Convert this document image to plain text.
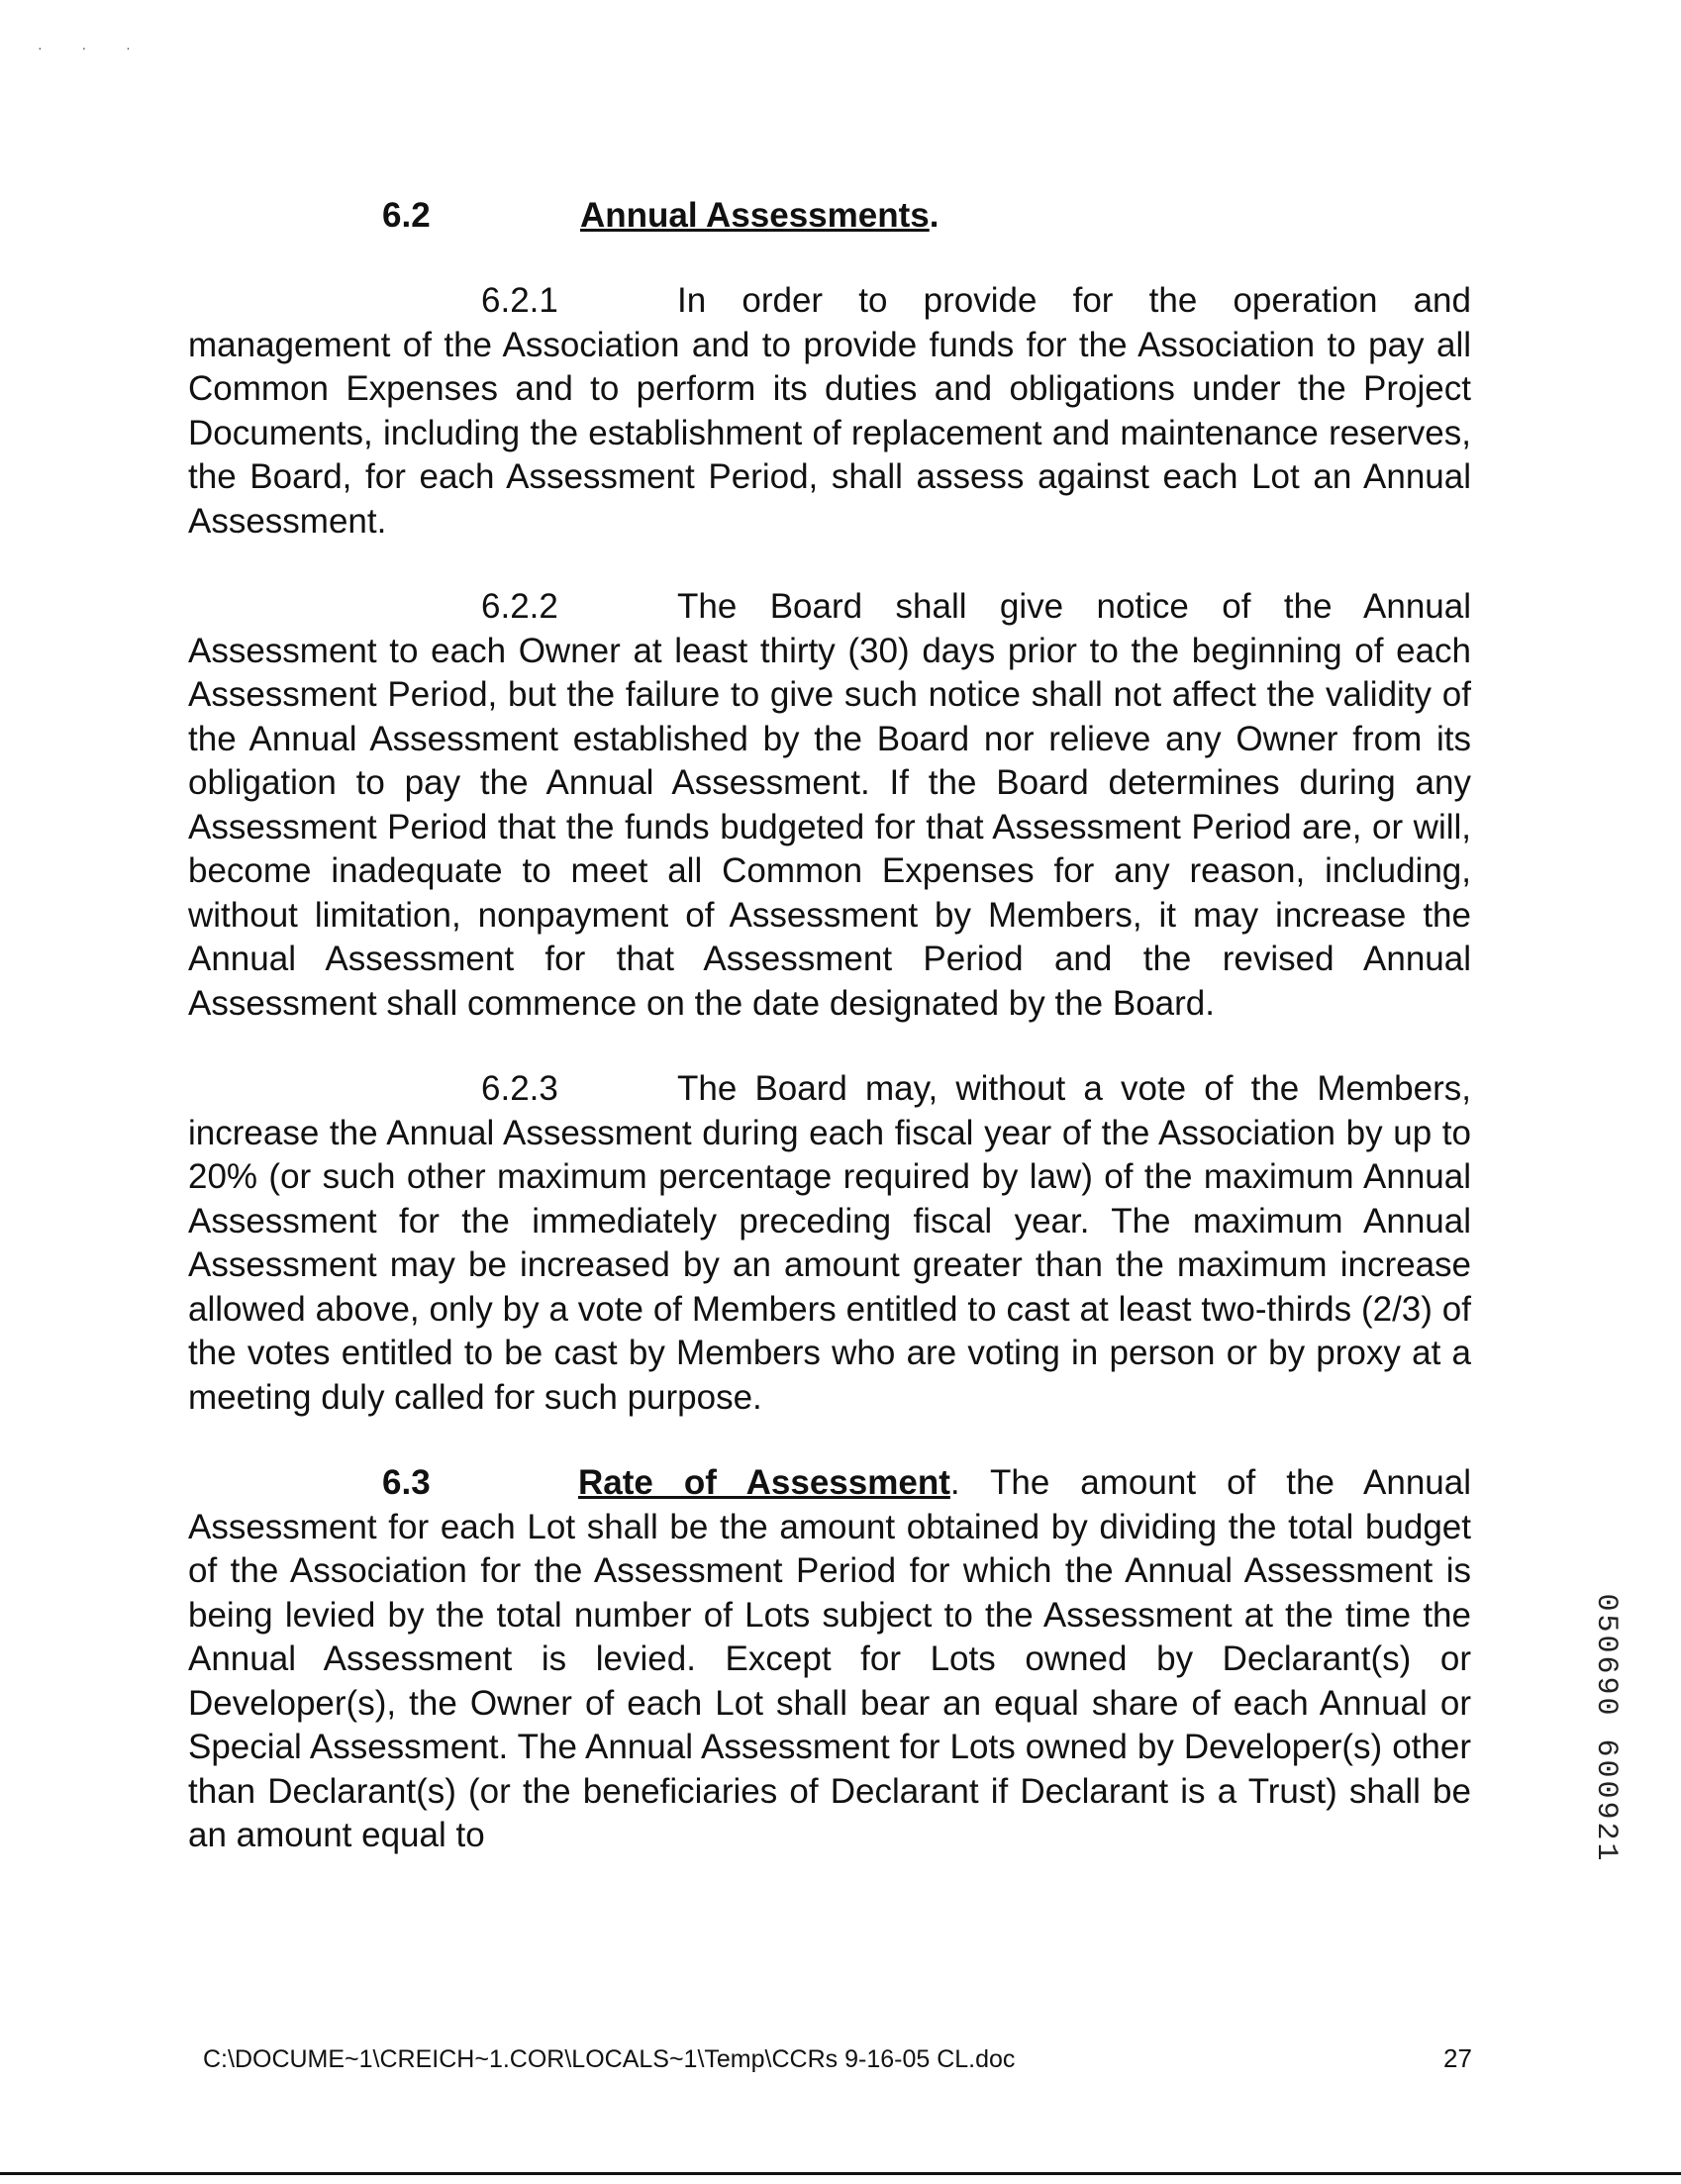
· · ·
6.2	Annual Assessments.

6.2.1	In order to provide for the operation and management of the Association and to provide funds for the Association to pay all Common Expenses and to perform its duties and obligations under the Project Documents, including the establishment of replacement and maintenance reserves, the Board, for each Assessment Period, shall assess against each Lot an Annual Assessment.

6.2.2	The Board shall give notice of the Annual Assessment to each Owner at least thirty (30) days prior to the beginning of each Assessment Period, but the failure to give such notice shall not affect the validity of the Annual Assessment established by the Board nor relieve any Owner from its obligation to pay the Annual Assessment. If the Board determines during any Assessment Period that the funds budgeted for that Assessment Period are, or will, become inadequate to meet all Common Expenses for any reason, including, without limitation, nonpayment of Assessment by Members, it may increase the Annual Assessment for that Assessment Period and the revised Annual Assessment shall commence on the date designated by the Board.

6.2.3	The Board may, without a vote of the Members, increase the Annual Assessment during each fiscal year of the Association by up to 20% (or such other maximum percentage required by law) of the maximum Annual Assessment for the immediately preceding fiscal year. The maximum Annual Assessment may be increased by an amount greater than the maximum increase allowed above, only by a vote of Members entitled to cast at least two-thirds (2/3) of the votes entitled to be cast by Members who are voting in person or by proxy at a meeting duly called for such purpose.

6.3	Rate of Assessment. The amount of the Annual Assessment for each Lot shall be the amount obtained by dividing the total budget of the Association for the Assessment Period for which the Annual Assessment is being levied by the total number of Lots subject to the Assessment at the time the Annual Assessment is levied. Except for Lots owned by Declarant(s) or Developer(s), the Owner of each Lot shall bear an equal share of each Annual or Special Assessment. The Annual Assessment for Lots owned by Developer(s) other than Declarant(s) (or the beneficiaries of Declarant if Declarant is a Trust) shall be an amount equal to	050690 600921
C:\DOCUME~1\CREICH~1.COR\LOCALS~1\Temp\CCRs 9-16-05 CL.doc	27
